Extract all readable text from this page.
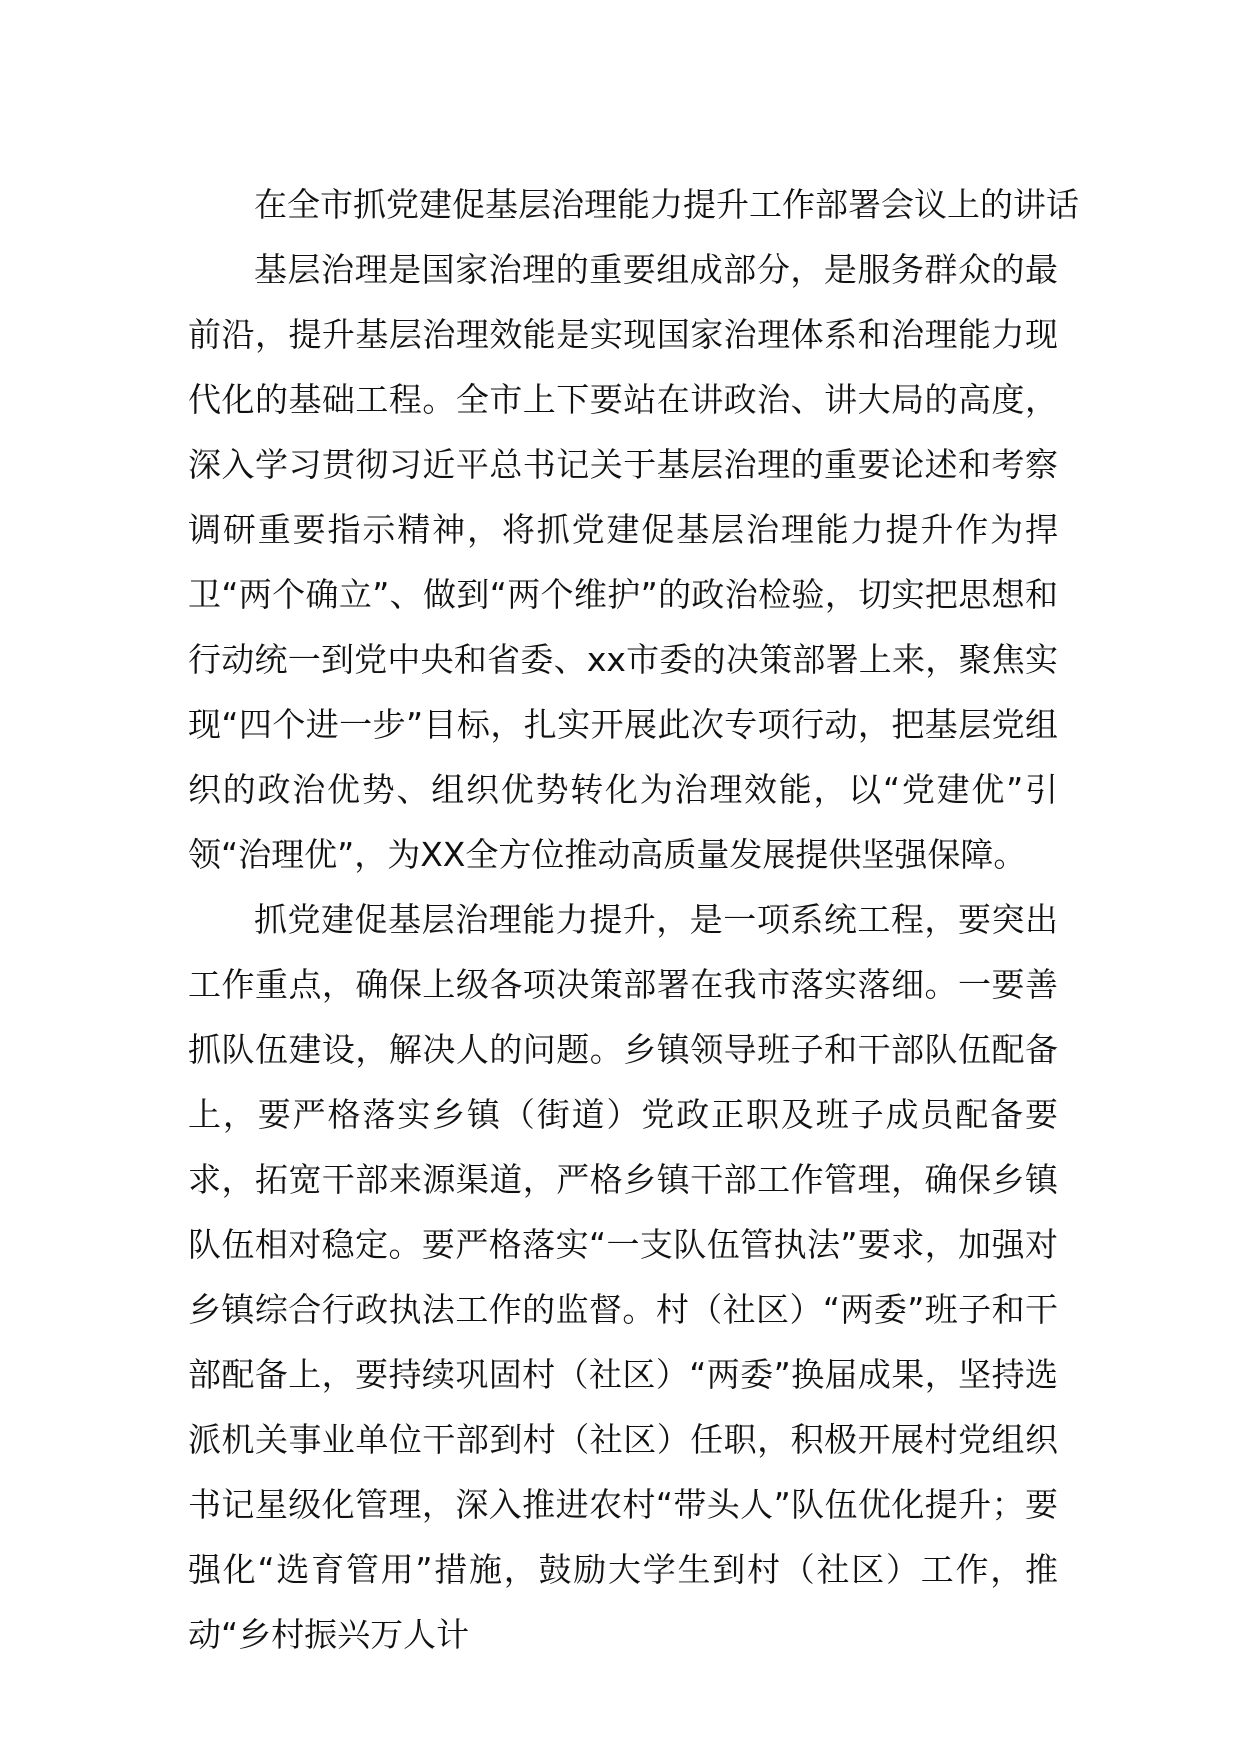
在全市抓党建促基层治理能力提升工作部署会议上的讲话

基层治理是国家治理的重要组成部分，是服务群众的最前沿，提升基层治理效能是实现国家治理体系和治理能力现代化的基础工程。全市上下要站在讲政治、讲大局的高度，深入学习贯彻习近平总书记关于基层治理的重要论述和考察调研重要指示精神，将抓党建促基层治理能力提升作为捍卫“两个确立”、做到“两个维护”的政治检验，切实把思想和行动统一到党中央和省委、xx市委的决策部署上来，聚焦实现“四个进一步”目标，扎实开展此次专项行动，把基层党组织的政治优势、组织优势转化为治理效能，以“党建优”引领“治理优”，为XX全方位推动高质量发展提供坚强保障。

抓党建促基层治理能力提升，是一项系统工程，要突出工作重点，确保上级各项决策部署在我市落实落细。一要善抓队伍建设，解决人的问题。乡镇领导班子和干部队伍配备上，要严格落实乡镇（街道）党政正职及班子成员配备要求，拓宽干部来源渠道，严格乡镇干部工作管理，确保乡镇队伍相对稳定。要严格落实“一支队伍管执法”要求，加强对乡镇综合行政执法工作的监督。村（社区）“两委”班子和干部配备上，要持续巩固村（社区）“两委”换届成果，坚持选派机关事业单位干部到村（社区）任职，积极开展村党组织书记星级化管理，深入推进农村“带头人”队伍优化提升；要强化“选育管用”措施，鼓励大学生到村（社区）工作，推动“乡村振兴万人计
